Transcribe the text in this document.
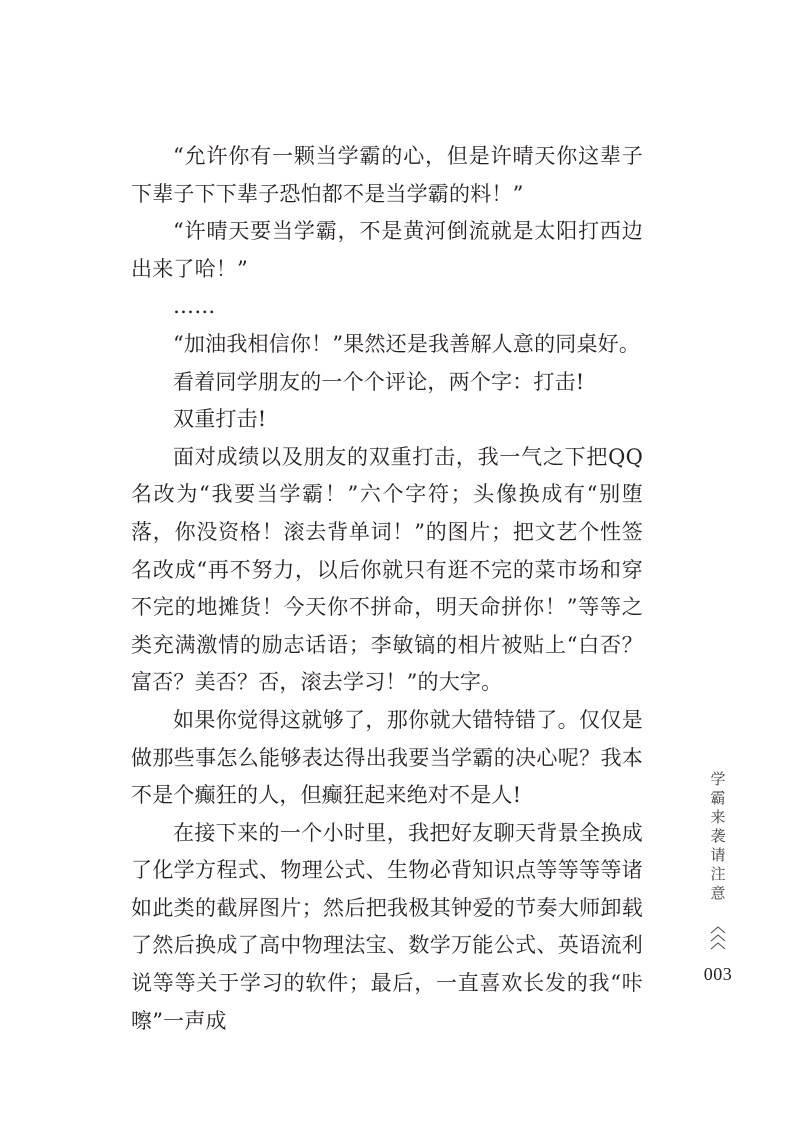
“允许你有一颗当学霸的心，但是许晴天你这辈子下辈子下下辈子恐怕都不是当学霸的料！”

“许晴天要当学霸，不是黄河倒流就是太阳打西边出来了哈！”

……

“加油我相信你！”果然还是我善解人意的同桌好。

看着同学朋友的一个个评论，两个字：打击!

双重打击!

面对成绩以及朋友的双重打击，我一气之下把QQ名改为“我要当学霸！”六个字符；头像换成有“别堕落，你没资格！滚去背单词！”的图片；把文艺个性签名改成“再不努力，以后你就只有逛不完的菜市场和穿不完的地摊货！今天你不拼命，明天命拼你！”等等之类充满激情的励志话语；李敏镐的相片被贴上“白否？富否？美否？否，滚去学习！”的大字。

如果你觉得这就够了，那你就大错特错了。仅仅是做那些事怎么能够表达得出我要当学霸的决心呢？我本不是个癫狂的人，但癫狂起来绝对不是人!

在接下来的一个小时里，我把好友聊天背景全换成了化学方程式、物理公式、生物必背知识点等等等等诸如此类的截屏图片；然后把我极其钟爱的节奏大师卸载了然后换成了高中物理法宝、数学万能公式、英语流利说等等关于学习的软件；最后，一直喜欢长发的我“咔嚓”一声成

学霸来袭请注意
003
